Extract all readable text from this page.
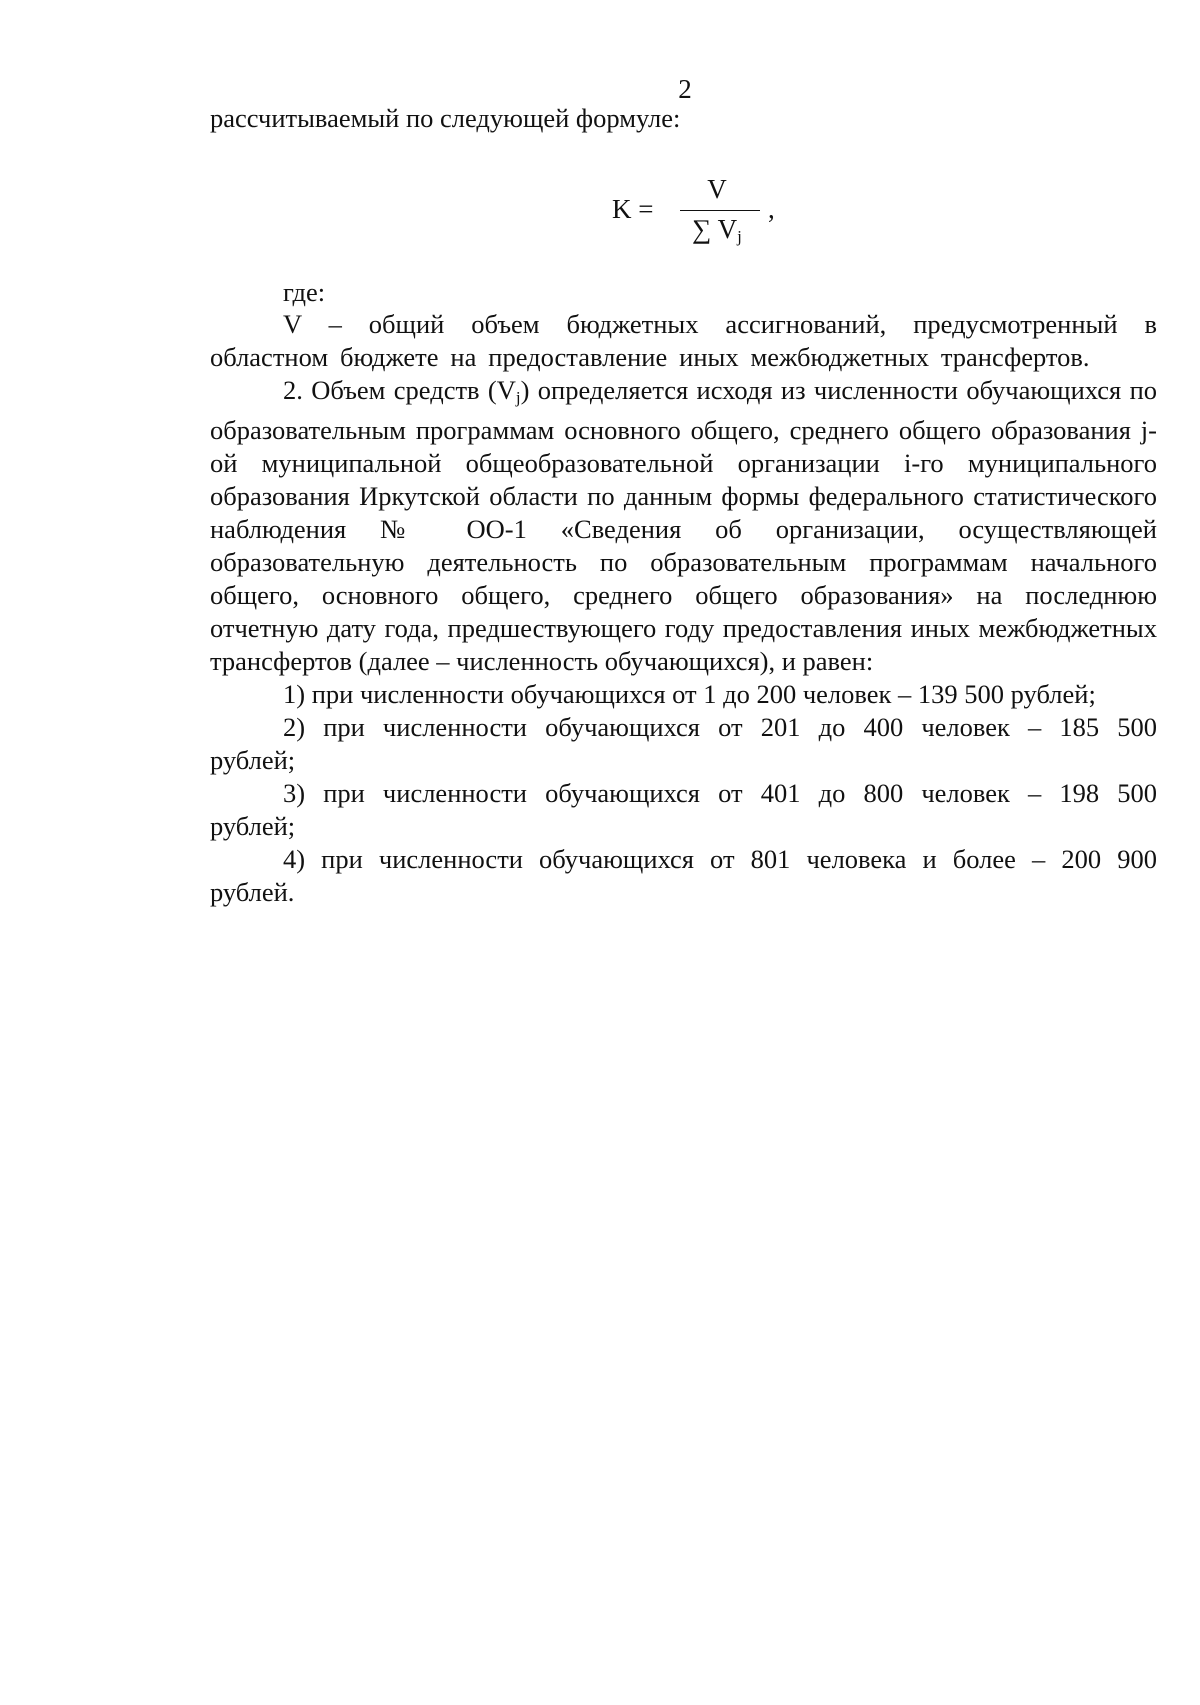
2
рассчитываемый по следующей формуле:
K =
V
∑ $V_j$
,
где:

V – общий объем бюджетных ассигнований, предусмотренный в областном бюджете на предоставление иных межбюджетных трансфертов.

2. Объем средств $(V_j)$ определяется исходя из численности обучающихся по образовательным программам основного общего, среднего общего образования j-ой муниципальной общеобразовательной организации i-го муниципального образования Иркутской области по данным формы федерального статистического наблюдения № ОО-1 «Сведения об организации, осуществляющей образовательную деятельность по образовательным программам начального общего, основного общего, среднего общего образования» на последнюю отчетную дату года, предшествующего году предоставления иных межбюджетных трансфертов (далее – численность обучающихся), и равен:

1) при численности обучающихся от 1 до 200 человек – 139 500 рублей;

2) при численности обучающихся от 201 до 400 человек – 185 500 рублей;

3) при численности обучающихся от 401 до 800 человек – 198 500 рублей;

4) при численности обучающихся от 801 человека и более – 200 900 рублей.
